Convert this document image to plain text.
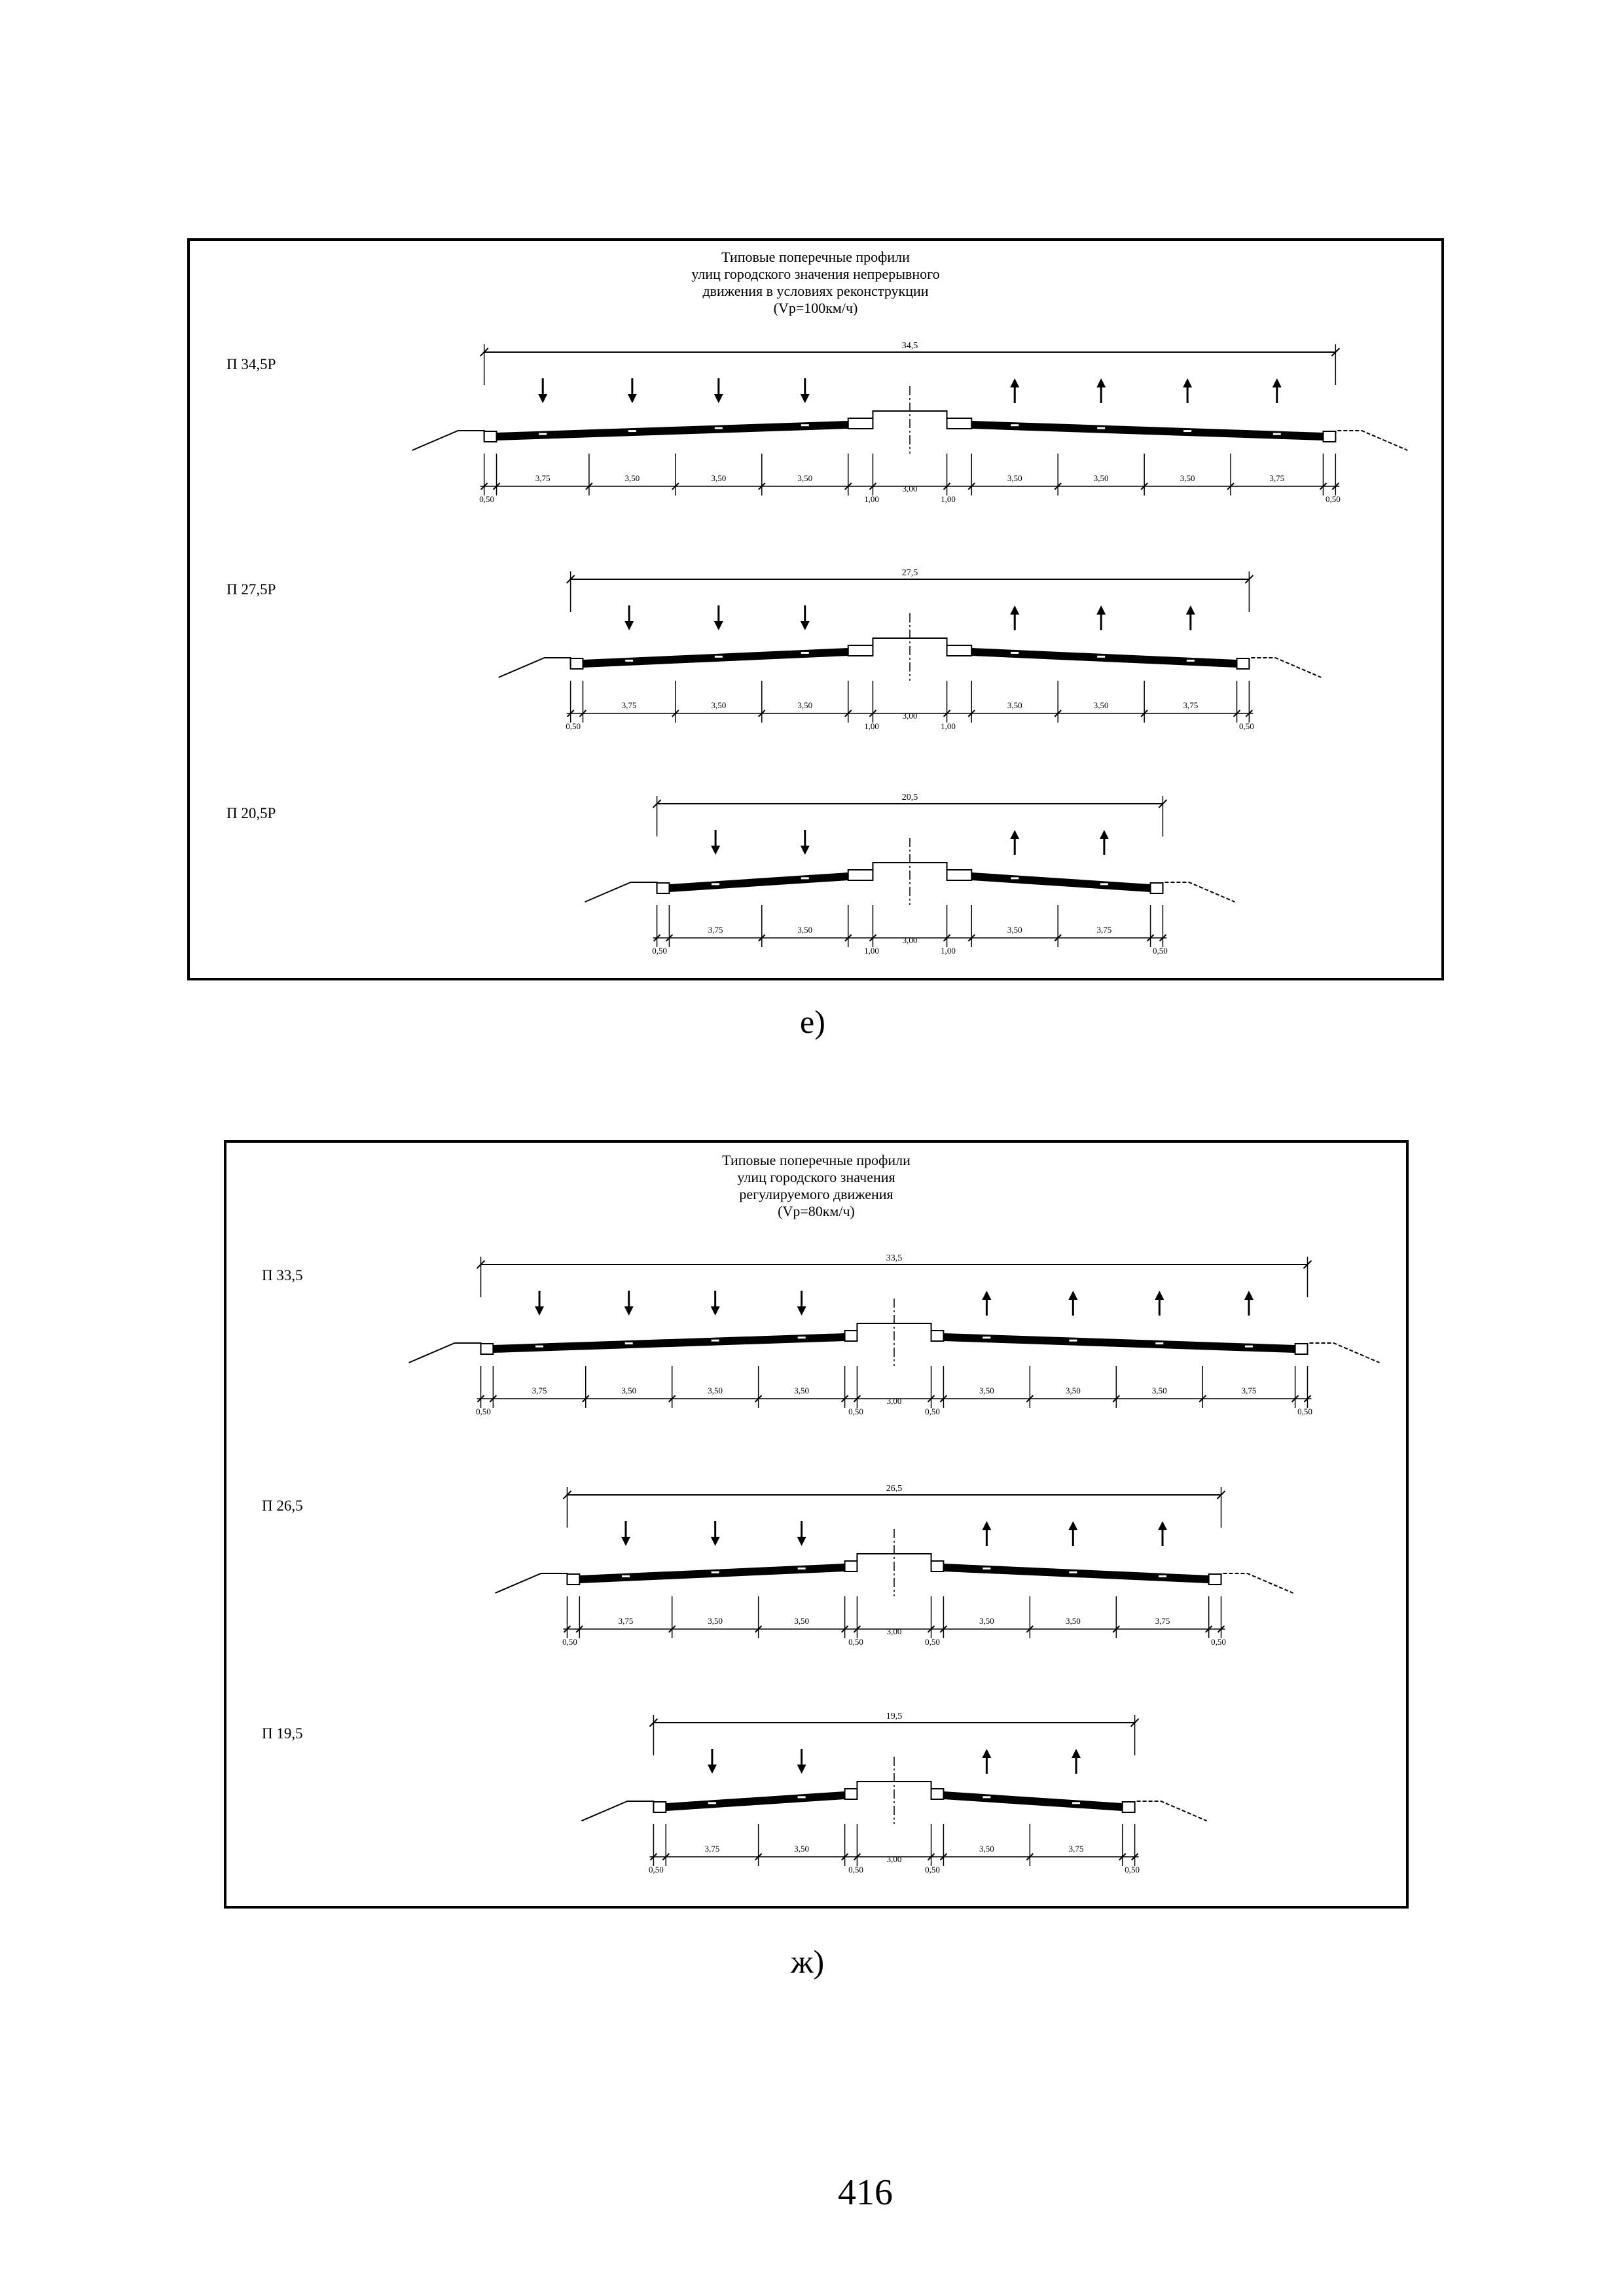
Типовые поперечные профили
улиц городского значения непрерывного
движения в условиях реконструкции
(Vp=100км/ч)
П 34,5Р
34,5
0,50
3,75	3,50	3,50	3,50
1,00
3,00
1,00
3,50	3,50	3,50	3,75
0,50
П 27,5Р
27,5
0,50
3,75	3,50	3,50
1,00
3,00
1,00
3,50	3,50	3,75
0,50
П 20,5Р
20,5
0,50
3,75	3,50
1,00
3,00
1,00
3,50	3,75
0,50
е)
Типовые поперечные профили
улиц городского значения
регулируемого движения
(Vp=80км/ч)
П 33,5
33,5
0,50
3,75	3,50	3,50	3,50
0,50
3,00
0,50
3,50	3,50	3,50	3,75
0,50
П 26,5
26,5
0,50
3,75	3,50	3,50
0,50
3,00
0,50
3,50	3,50	3,75
0,50
П 19,5
19,5
0,50
3,75	3,50
0,50
3,00
0,50
3,50	3,75
0,50
ж)
416
